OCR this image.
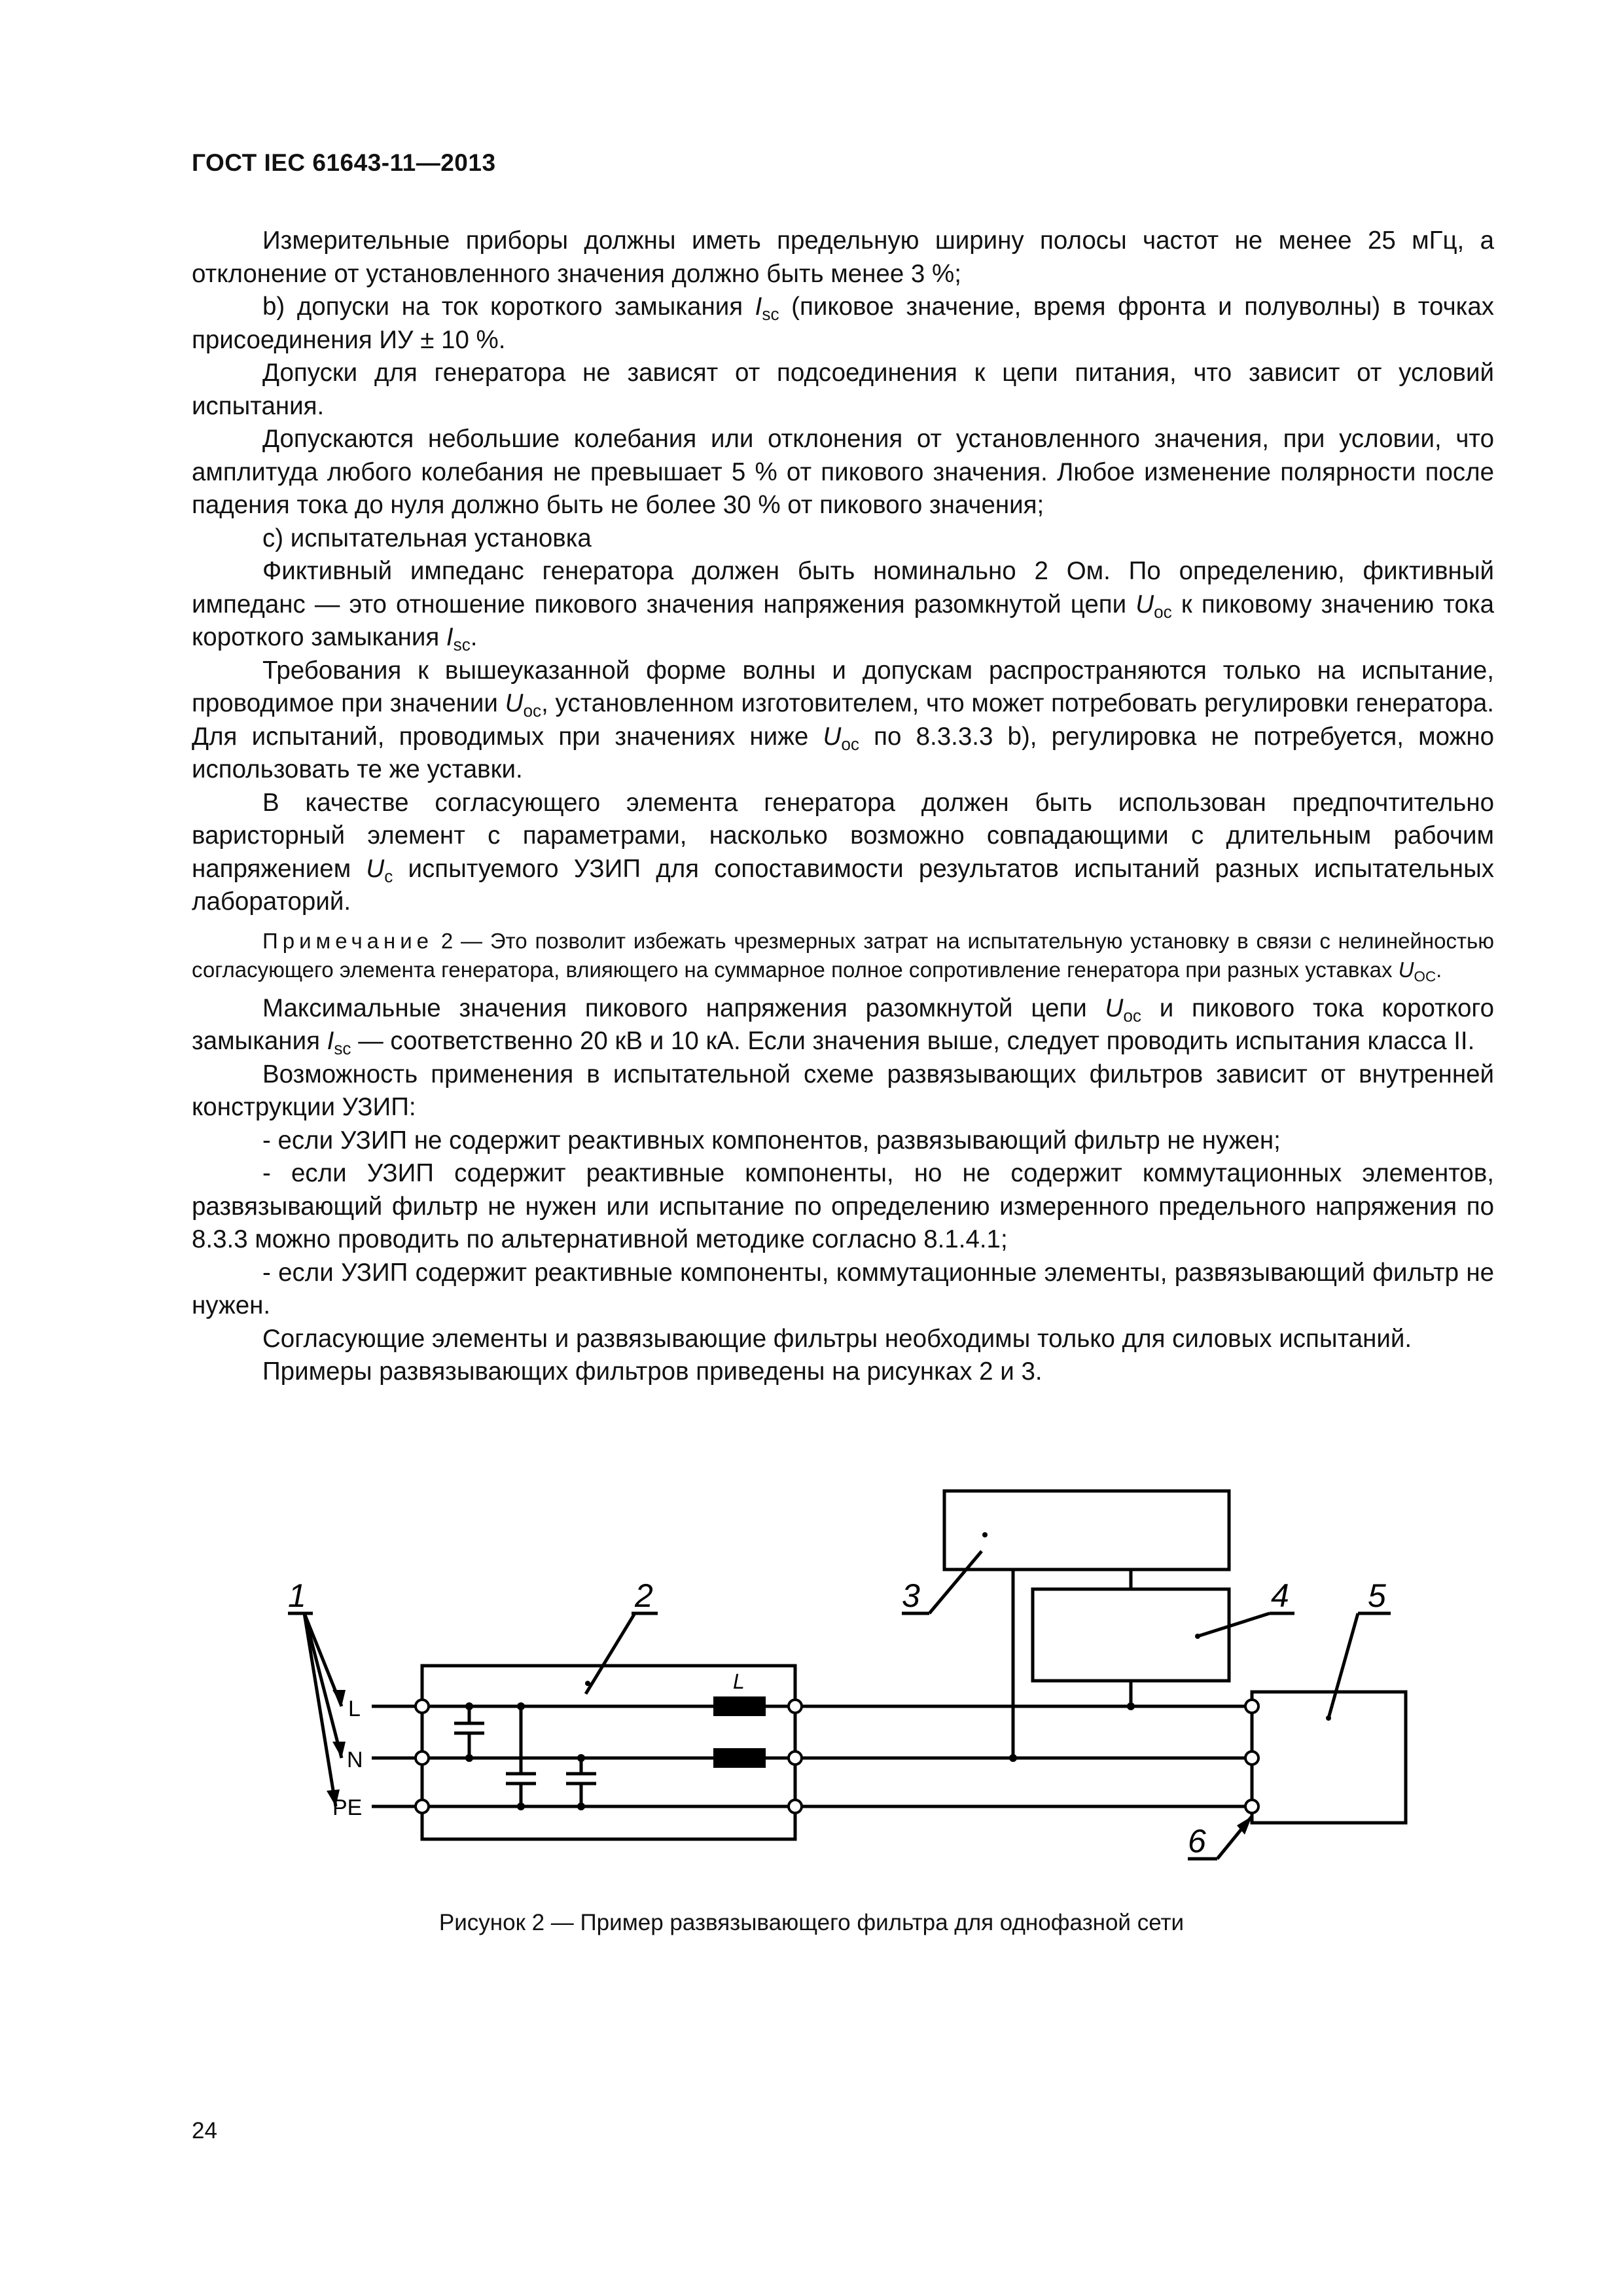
ГОСТ IEC 61643-11—2013

Измерительные приборы должны иметь предельную ширину полосы частот не менее 25 мГц, а отклонение от установленного значения должно быть менее 3 %;

b) допуски на ток короткого замыкания $I_{sc}$ (пиковое значение, время фронта и полуволны) в точках присоединения ИУ ± 10 %.

Допуски для генератора не зависят от подсоединения к цепи питания, что зависит от условий испытания.

Допускаются небольшие колебания или отклонения от установленного значения, при условии, что амплитуда любого колебания не превышает 5 % от пикового значения. Любое изменение полярности после падения тока до нуля должно быть не более 30 % от пикового значения;

c) испытательная установка

Фиктивный импеданс генератора должен быть номинально 2 Ом. По определению, фиктивный импеданс — это отношение пикового значения напряжения разомкнутой цепи $U_{oc}$ к пиковому значению тока короткого замыкания $I_{sc}$.

Требования к вышеуказанной форме волны и допускам распространяются только на испытание, проводимое при значении $U_{oc}$, установленном изготовителем, что может потребовать регулировки генератора. Для испытаний, проводимых при значениях ниже $U_{oc}$ по 8.3.3.3 b), регулировка не потребуется, можно использовать те же уставки.

В качестве согласующего элемента генератора должен быть использован предпочтительно варисторный элемент с параметрами, насколько возможно совпадающими с длительным рабочим напряжением $U_c$ испытуемого УЗИП для сопоставимости результатов испытаний разных испытательных лабораторий.

Примечание 2 — Это позволит избежать чрезмерных затрат на испытательную установку в связи с нелинейностью согласующего элемента генератора, влияющего на суммарное полное сопротивление генератора при разных уставках $U_{OC}$.

Максимальные значения пикового напряжения разомкнутой цепи $U_{oc}$ и пикового тока короткого замыкания $I_{sc}$ — соответственно 20 кВ и 10 кА. Если значения выше, следует проводить испытания класса II.

Возможность применения в испытательной схеме развязывающих фильтров зависит от внутренней конструкции УЗИП:

- если УЗИП не содержит реактивных компонентов, развязывающий фильтр не нужен;

- если УЗИП содержит реактивные компоненты, но не содержит коммутационных элементов, развязывающий фильтр не нужен или испытание по определению измеренного предельного напряжения по 8.3.3 можно проводить по альтернативной методике согласно 8.1.4.1;

- если УЗИП содержит реактивные компоненты, коммутационные элементы, развязывающий фильтр не нужен.

Согласующие элементы и развязывающие фильтры необходимы только для силовых испытаний.

Примеры развязывающих фильтров приведены на рисунках 2 и 3.

1	2	3	4 5
6
L
N
PE
L
Рисунок 2 — Пример развязывающего фильтра для однофазной сети
24
